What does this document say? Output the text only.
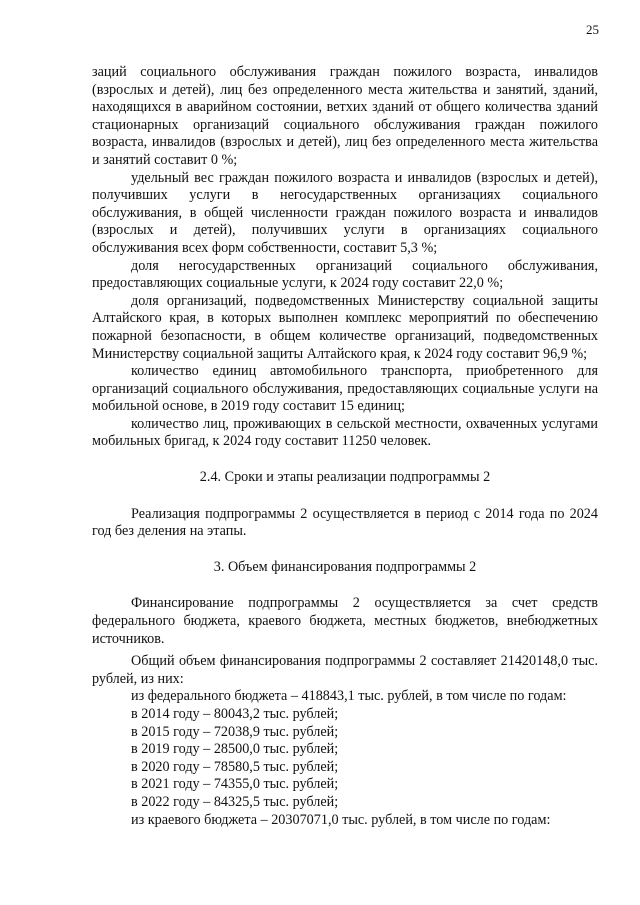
25

заций социального обслуживания граждан пожилого возраста, инвалидов (взрослых и детей), лиц без определенного места жительства и занятий, зданий, находящихся в аварийном состоянии, ветхих зданий от общего количества зданий стационарных организаций социального обслуживания граждан пожилого возраста, инвалидов (взрослых и детей), лиц без определенного места жительства и занятий составит 0 %;

удельный вес граждан пожилого возраста и инвалидов (взрослых и детей), получивших услуги в негосударственных организациях социального обслуживания, в общей численности граждан пожилого возраста и инвалидов (взрослых и детей), получивших услуги в организациях социального обслуживания всех форм собственности, составит 5,3 %;

доля негосударственных организаций социального обслуживания, предоставляющих социальные услуги, к 2024 году составит 22,0 %;

доля организаций, подведомственных Министерству социальной защиты Алтайского края, в которых выполнен комплекс мероприятий по обеспечению пожарной безопасности, в общем количестве организаций, подведомственных Министерству социальной защиты Алтайского края, к 2024 году составит 96,9 %;

количество единиц автомобильного транспорта, приобретенного для организаций социального обслуживания, предоставляющих социальные услуги на мобильной основе, в 2019 году составит 15 единиц;

количество лиц, проживающих в сельской местности, охваченных услугами мобильных бригад, к 2024 году составит 11250 человек.

2.4. Сроки и этапы реализации подпрограммы 2

Реализация подпрограммы 2 осуществляется в период с 2014 года по 2024 год без деления на этапы.

3. Объем финансирования подпрограммы 2

Финансирование подпрограммы 2 осуществляется за счет средств федерального бюджета, краевого бюджета, местных бюджетов, внебюджетных источников.

Общий объем финансирования подпрограммы 2 составляет 21420148,0 тыс. рублей, из них:

из федерального бюджета – 418843,1 тыс. рублей, в том числе по годам:

в 2014 году – 80043,2 тыс. рублей;

в 2015 году – 72038,9 тыс. рублей;

в 2019 году – 28500,0 тыс. рублей;

в 2020 году – 78580,5 тыс. рублей;

в 2021 году – 74355,0 тыс. рублей;

в 2022 году – 84325,5 тыс. рублей;

из краевого бюджета – 20307071,0 тыс. рублей, в том числе по годам:
